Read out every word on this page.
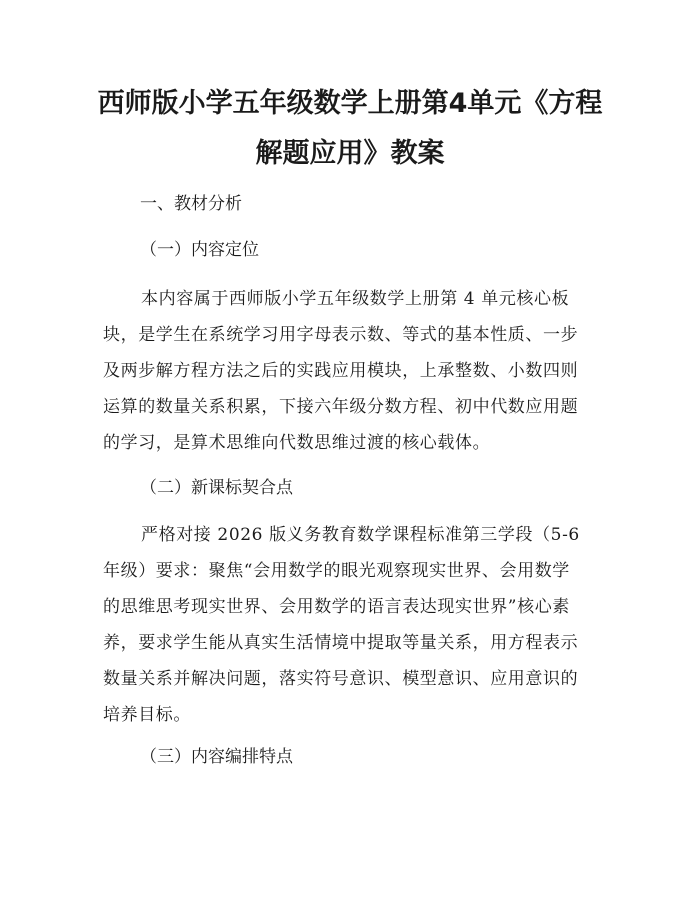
西师版小学五年级数学上册第4单元《方程
解题应用》教案

一、教材分析

（一）内容定位

本内容属于西师版小学五年级数学上册第 4 单元核心板
块，是学生在系统学习用字母表示数、等式的基本性质、一步
及两步解方程方法之后的实践应用模块，上承整数、小数四则
运算的数量关系积累，下接六年级分数方程、初中代数应用题
的学习，是算术思维向代数思维过渡的核心载体。

（二）新课标契合点

严格对接 2026 版义务教育数学课程标准第三学段（5-6
年级）要求：聚焦“会用数学的眼光观察现实世界、会用数学
的思维思考现实世界、会用数学的语言表达现实世界”核心素
养，要求学生能从真实生活情境中提取等量关系，用方程表示
数量关系并解决问题，落实符号意识、模型意识、应用意识的
培养目标。

（三）内容编排特点
